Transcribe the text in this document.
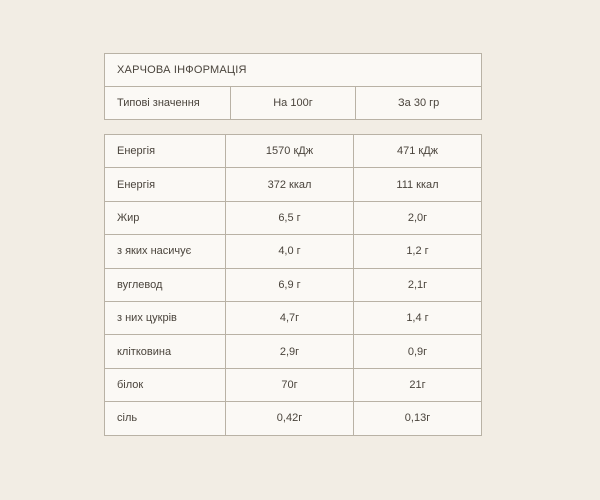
ХАРЧОВА ІНФОРМАЦІЯ
Типові значення	На 100г	За 30 гр
Енергія	1570 кДж	471 кДж
Енергія	372 ккал	111 ккал
Жир	6,5 г	2,0г
з яких насичує	4,0 г	1,2 г
вуглевод	6,9 г	2,1г
з них цукрів	4,7г	1,4 г
клітковина	2,9г	0,9г
білок	70г	21г
сіль	0,42г	0,13г
